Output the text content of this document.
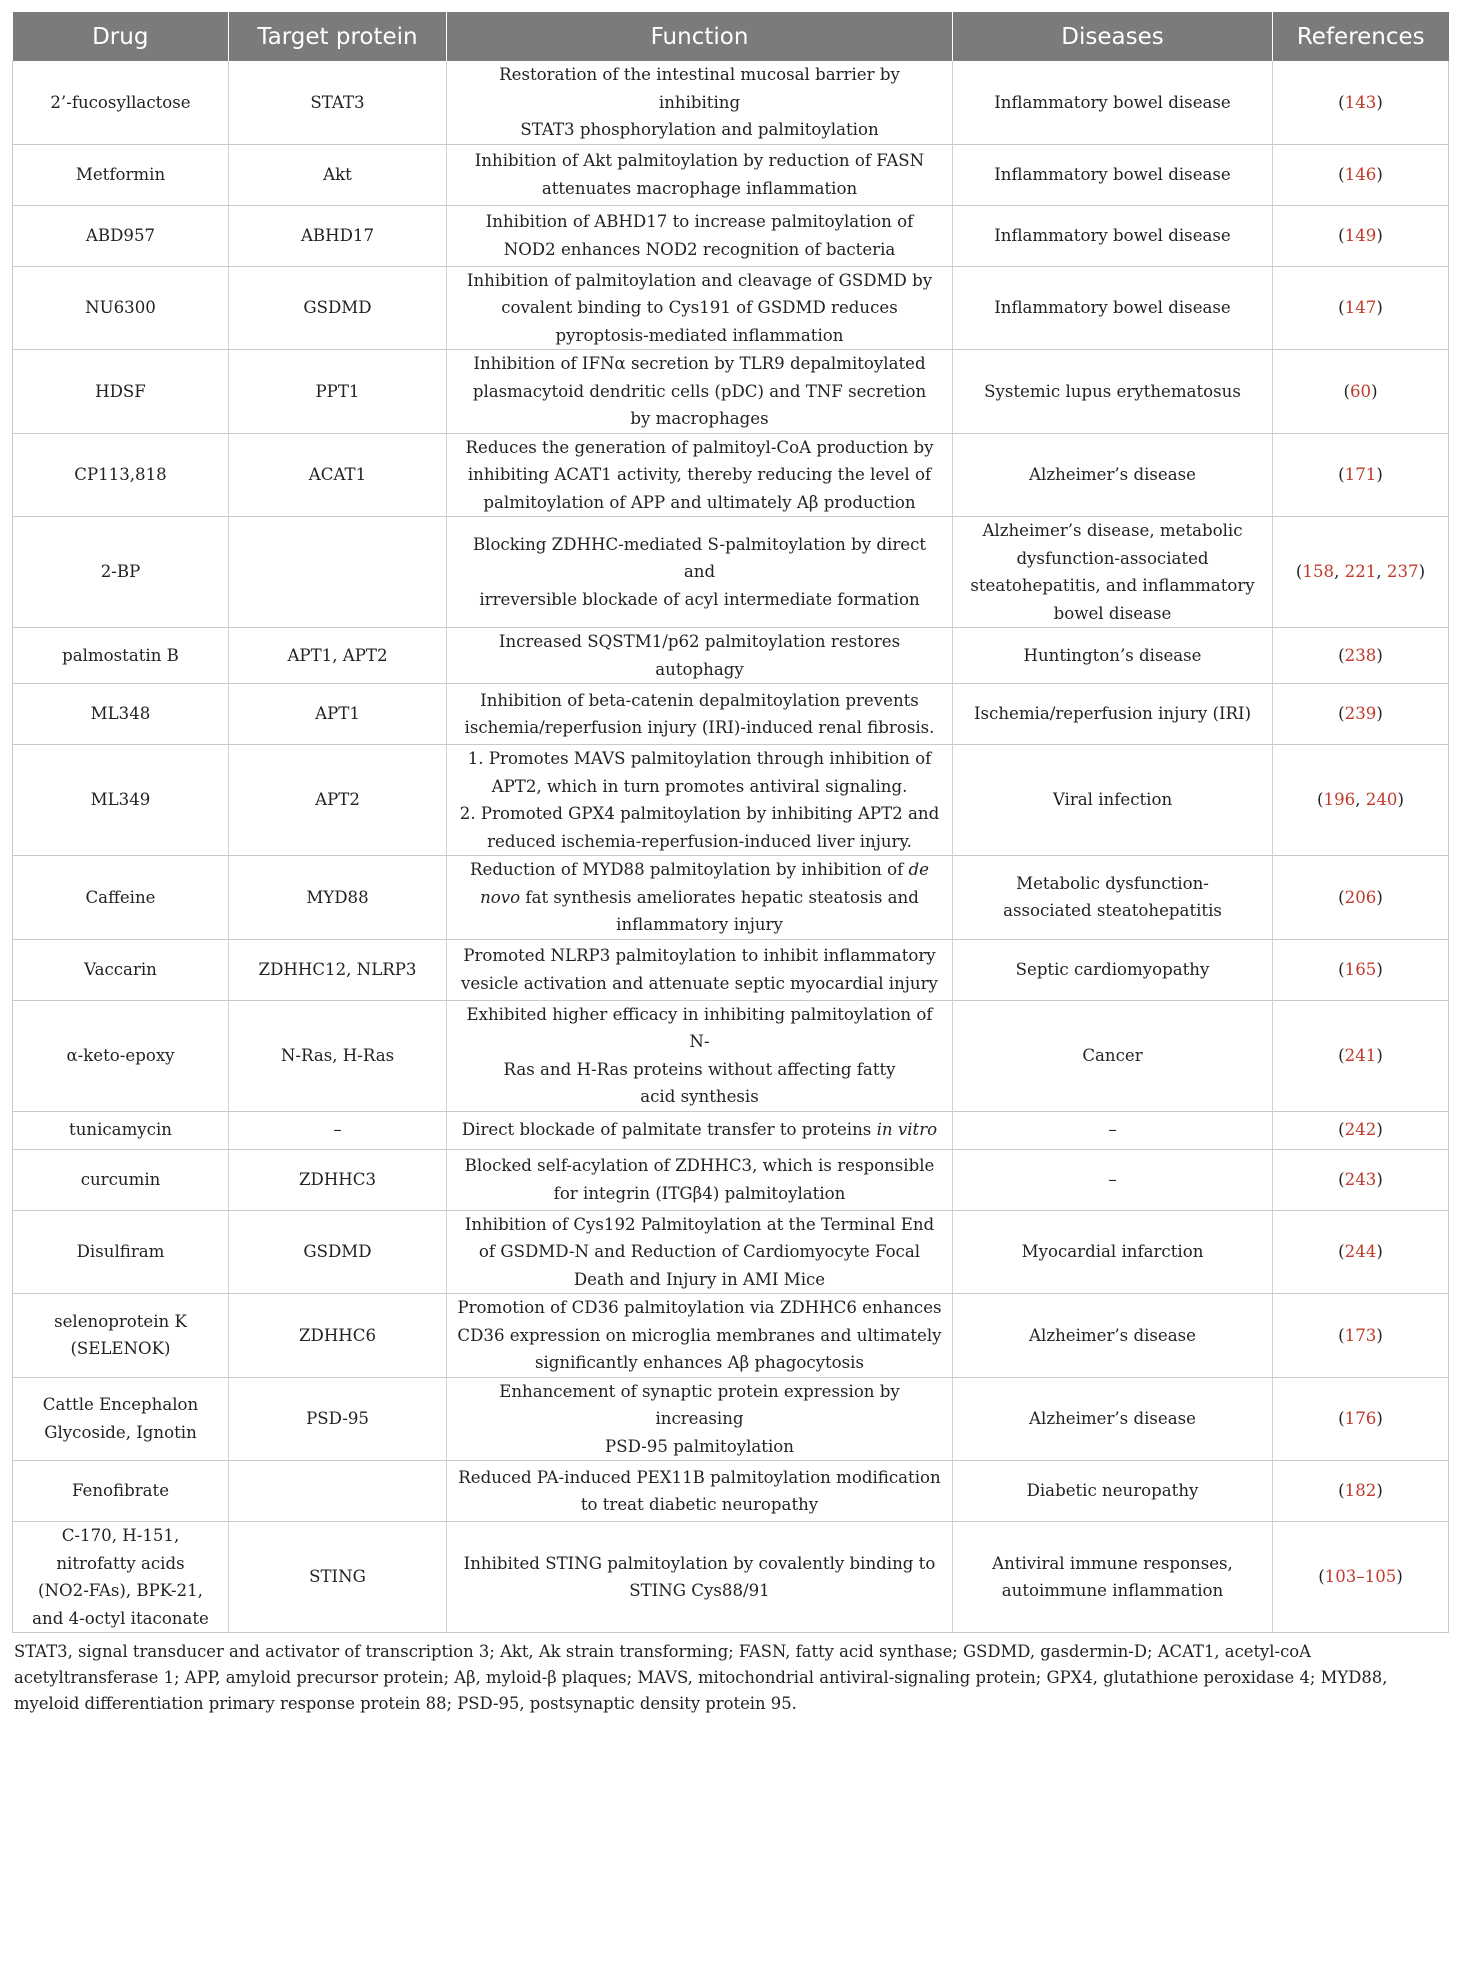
Drug	Target protein	Function	Diseases	References
2’-fucosyllactose	STAT3	Restoration of the intestinal mucosal barrier by inhibiting
STAT3 phosphorylation and palmitoylation	Inflammatory bowel disease	(143)
Metformin	Akt	Inhibition of Akt palmitoylation by reduction of FASN
attenuates macrophage inflammation	Inflammatory bowel disease	(146)
ABD957	ABHD17	Inhibition of ABHD17 to increase palmitoylation of
NOD2 enhances NOD2 recognition of bacteria	Inflammatory bowel disease	(149)
NU6300	GSDMD	Inhibition of palmitoylation and cleavage of GSDMD by
covalent binding to Cys191 of GSDMD reduces
pyroptosis-mediated inflammation	Inflammatory bowel disease	(147)
HDSF	PPT1	Inhibition of IFNα secretion by TLR9 depalmitoylated
plasmacytoid dendritic cells (pDC) and TNF secretion
by macrophages	Systemic lupus erythematosus	(60)
CP113,818	ACAT1	Reduces the generation of palmitoyl-CoA production by
inhibiting ACAT1 activity, thereby reducing the level of
palmitoylation of APP and ultimately Aβ production	Alzheimer’s disease	(171)
2-BP		Blocking ZDHHC-mediated S-palmitoylation by direct and
irreversible blockade of acyl intermediate formation	Alzheimer’s disease, metabolic
dysfunction-associated
steatohepatitis, and inflammatory
bowel disease	(158, 221, 237)
palmostatin B	APT1, APT2	Increased SQSTM1/p62 palmitoylation restores autophagy	Huntington’s disease	(238)
ML348	APT1	Inhibition of beta-catenin depalmitoylation prevents
ischemia/reperfusion injury (IRI)-induced renal fibrosis.	Ischemia/reperfusion injury (IRI)	(239)
ML349	APT2	1. Promotes MAVS palmitoylation through inhibition of
APT2, which in turn promotes antiviral signaling.
2. Promoted GPX4 palmitoylation by inhibiting APT2 and
reduced ischemia-reperfusion-induced liver injury.	Viral infection	(196, 240)
Caffeine	MYD88	Reduction of MYD88 palmitoylation by inhibition of de
novo fat synthesis ameliorates hepatic steatosis and
inflammatory injury	Metabolic dysfunction-
associated steatohepatitis	(206)
Vaccarin	ZDHHC12, NLRP3	Promoted NLRP3 palmitoylation to inhibit inflammatory
vesicle activation and attenuate septic myocardial injury	Septic cardiomyopathy	(165)
α-keto-epoxy	N-Ras, H-Ras	Exhibited higher efficacy in inhibiting palmitoylation of N-
Ras and H-Ras proteins without affecting fatty
acid synthesis	Cancer	(241)
tunicamycin	–	Direct blockade of palmitate transfer to proteins in vitro	–	(242)
curcumin	ZDHHC3	Blocked self-acylation of ZDHHC3, which is responsible
for integrin (ITGβ4) palmitoylation	–	(243)
Disulfiram	GSDMD	Inhibition of Cys192 Palmitoylation at the Terminal End
of GSDMD-N and Reduction of Cardiomyocyte Focal
Death and Injury in AMI Mice	Myocardial infarction	(244)
selenoprotein K
(SELENOK)	ZDHHC6	Promotion of CD36 palmitoylation via ZDHHC6 enhances
CD36 expression on microglia membranes and ultimately
significantly enhances Aβ phagocytosis	Alzheimer’s disease	(173)
Cattle Encephalon
Glycoside, Ignotin	PSD-95	Enhancement of synaptic protein expression by increasing
PSD-95 palmitoylation	Alzheimer’s disease	(176)
Fenofibrate		Reduced PA-induced PEX11B palmitoylation modification
to treat diabetic neuropathy	Diabetic neuropathy	(182)
C-170, H-151,
nitrofatty acids
(NO2-FAs), BPK-21,
and 4-octyl itaconate	STING	Inhibited STING palmitoylation by covalently binding to
STING Cys88/91	Antiviral immune responses,
autoimmune inflammation	(103–105)
STAT3, signal transducer and activator of transcription 3; Akt, Ak strain transforming; FASN, fatty acid synthase; GSDMD, gasdermin-D; ACAT1, acetyl-coA acetyltransferase 1; APP, amyloid precursor protein; Aβ, myloid-β plaques; MAVS, mitochondrial antiviral-signaling protein; GPX4, glutathione peroxidase 4; MYD88, myeloid differentiation primary response protein 88; PSD-95, postsynaptic density protein 95.
